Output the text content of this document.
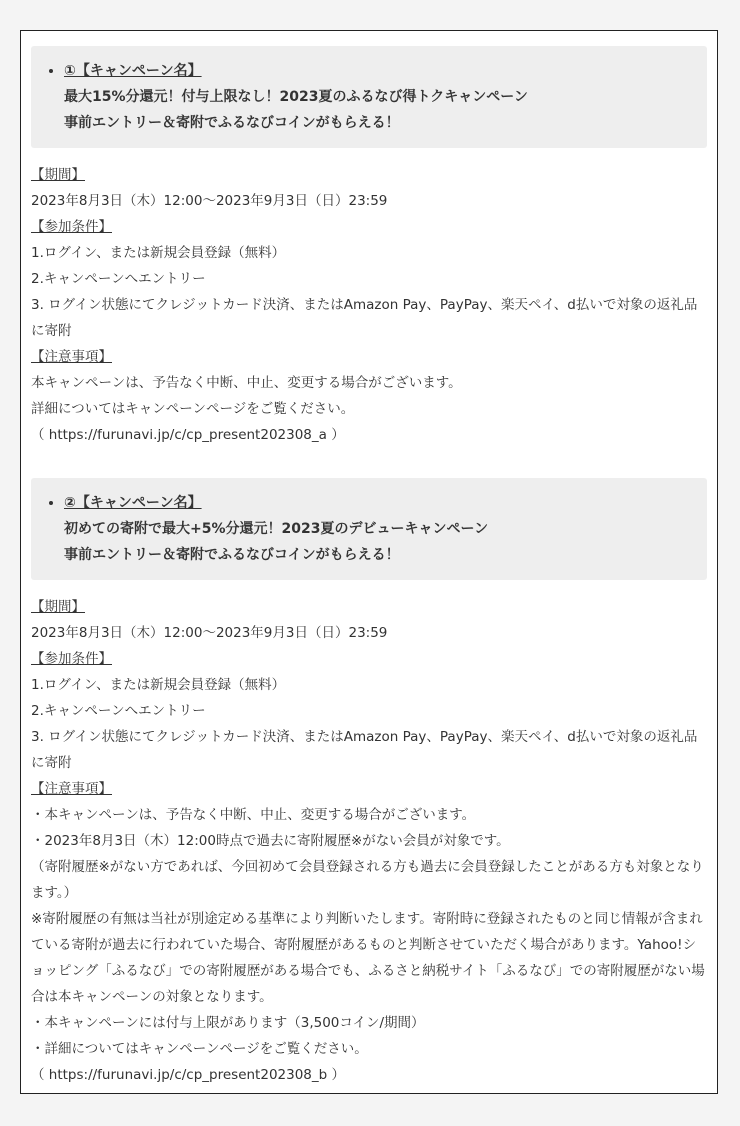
• ①【キャンペーン名】
最大15%分還元！付与上限なし！2023夏のふるなび得トクキャンペーン
事前エントリー＆寄附でふるなびコインがもらえる！

【期間】

2023年8月3日（木）12:00～2023年9月3日（日）23:59

【参加条件】

1.ログイン、または新規会員登録（無料）

2.キャンペーンへエントリー

3. ログイン状態にてクレジットカード決済、またはAmazon Pay、PayPay、楽天ペイ、d払いで対象の返礼品に寄附

【注意事項】

本キャンペーンは、予告なく中断、中止、変更する場合がございます。

詳細についてはキャンペーンページをご覧ください。

（ https://furunavi.jp/c/cp_present202308_a ）

• ②【キャンペーン名】
初めての寄附で最大+5%分還元！2023夏のデビューキャンペーン
事前エントリー＆寄附でふるなびコインがもらえる！

【期間】

2023年8月3日（木）12:00～2023年9月3日（日）23:59

【参加条件】

1.ログイン、または新規会員登録（無料）

2.キャンペーンへエントリー

3. ログイン状態にてクレジットカード決済、またはAmazon Pay、PayPay、楽天ペイ、d払いで対象の返礼品に寄附

【注意事項】

・本キャンペーンは、予告なく中断、中止、変更する場合がございます。

・2023年8月3日（木）12:00時点で過去に寄附履歴※がない会員が対象です。

（寄附履歴※がない方であれば、今回初めて会員登録される方も過去に会員登録したことがある方も対象となります。）

※寄附履歴の有無は当社が別途定める基準により判断いたします。寄附時に登録されたものと同じ情報が含まれている寄附が過去に行われていた場合、寄附履歴があるものと判断させていただく場合があります。Yahoo!ショッピング「ふるなび」での寄附履歴がある場合でも、ふるさと納税サイト「ふるなび」での寄附履歴がない場合は本キャンペーンの対象となります。

・本キャンペーンには付与上限があります（3,500コイン/期間）

・詳細についてはキャンペーンページをご覧ください。

（ https://furunavi.jp/c/cp_present202308_b ）
